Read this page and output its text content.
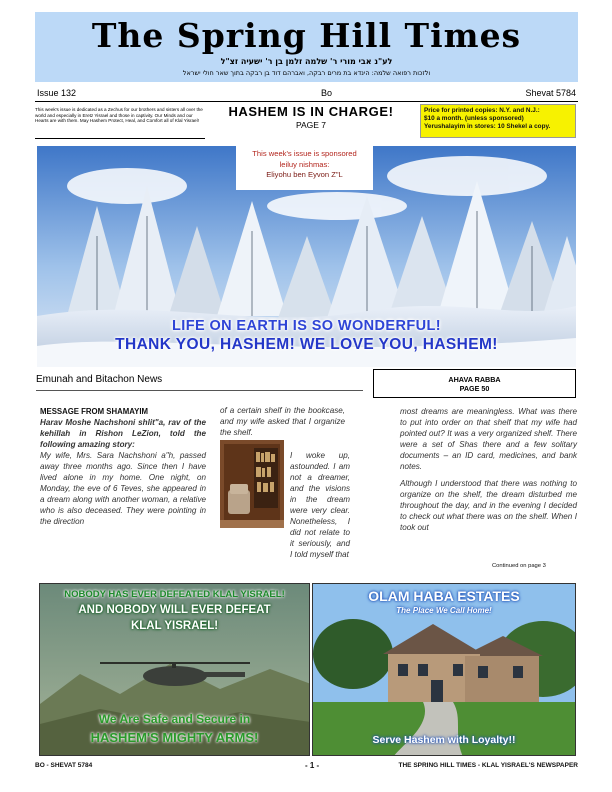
The Spring Hill Times
לע"נ אבי מורי ר' שלמה זלמן בן ר' ישעיה זצ"ל
ולזכות רפואה שלמה: הינדא בת מרים רבקה, ואברהם דוד בן רבקה בתוך שאר חולי ישראל
Issue 132	Bo	Shevat 5784
This week's issue is dedicated as a Zechus for our brothers and sisters all over the world and especially in Eretz Yisrael and those in captivity. Our Minds and our Hearts are with them. May Hashem Protect, Heal, and Comfort all of Klal Yisrael!
HASHEM IS IN CHARGE!
PAGE 7
Price for printed copies: N.Y. and N.J.:
$10 a month. (unless sponsored)
Yerushalayim in stores: 10 Shekel a copy.
This week's issue is sponsored
leiluy nishmas:
Eliyohu ben Eyvon Z"L
LIFE ON EARTH IS SO WONDERFUL!
THANK YOU, HASHEM! WE LOVE YOU, HASHEM!
Emunah and Bitachon News	AHAVA RABBA
PAGE 50
MESSAGE FROM SHAMAYIM
Harav Moshe Nachshoni shlit"a, rav of the kehillah in Rishon LeZion, told the following amazing story:
My wife, Mrs. Sara Nachshoni a"h, passed away three months ago. Since then I have lived alone in my home. One night, on Monday, the eve of 6 Teves, she appeared in a dream along with another woman, a relative who is also deceased. They were pointing in the direction
of a certain shelf in the bookcase, and my wife asked that I organize the shelf.
I woke up, astounded. I am not a dreamer, and the visions in the dream were very clear. Nonetheless, I did not relate to it seriously, and I told myself that

most dreams are meaningless. What was there to put into order on that shelf that my wife had pointed out? It was a very organized shelf. There were a set of Shas there and a few solitary documents – an ID card, medicines, and bank notes.

Although I understood that there was nothing to organize on the shelf, the dream disturbed me throughout the day, and in the evening I decided to check out what there was on the shelf. When I took out

Continued on page 3
NOBODY HAS EVER DEFEATED KLAL YISRAEL!
AND NOBODY WILL EVER DEFEAT
KLAL YISRAEL!
We Are Safe and Secure in
HASHEM'S MIGHTY ARMS!
OLAM HABA ESTATES
The Place We Call Home!
Serve Hashem with Loyalty!!
BO - SHEVAT 5784	- 1 -	THE SPRING HILL TIMES - KLAL YISRAEL'S NEWSPAPER
